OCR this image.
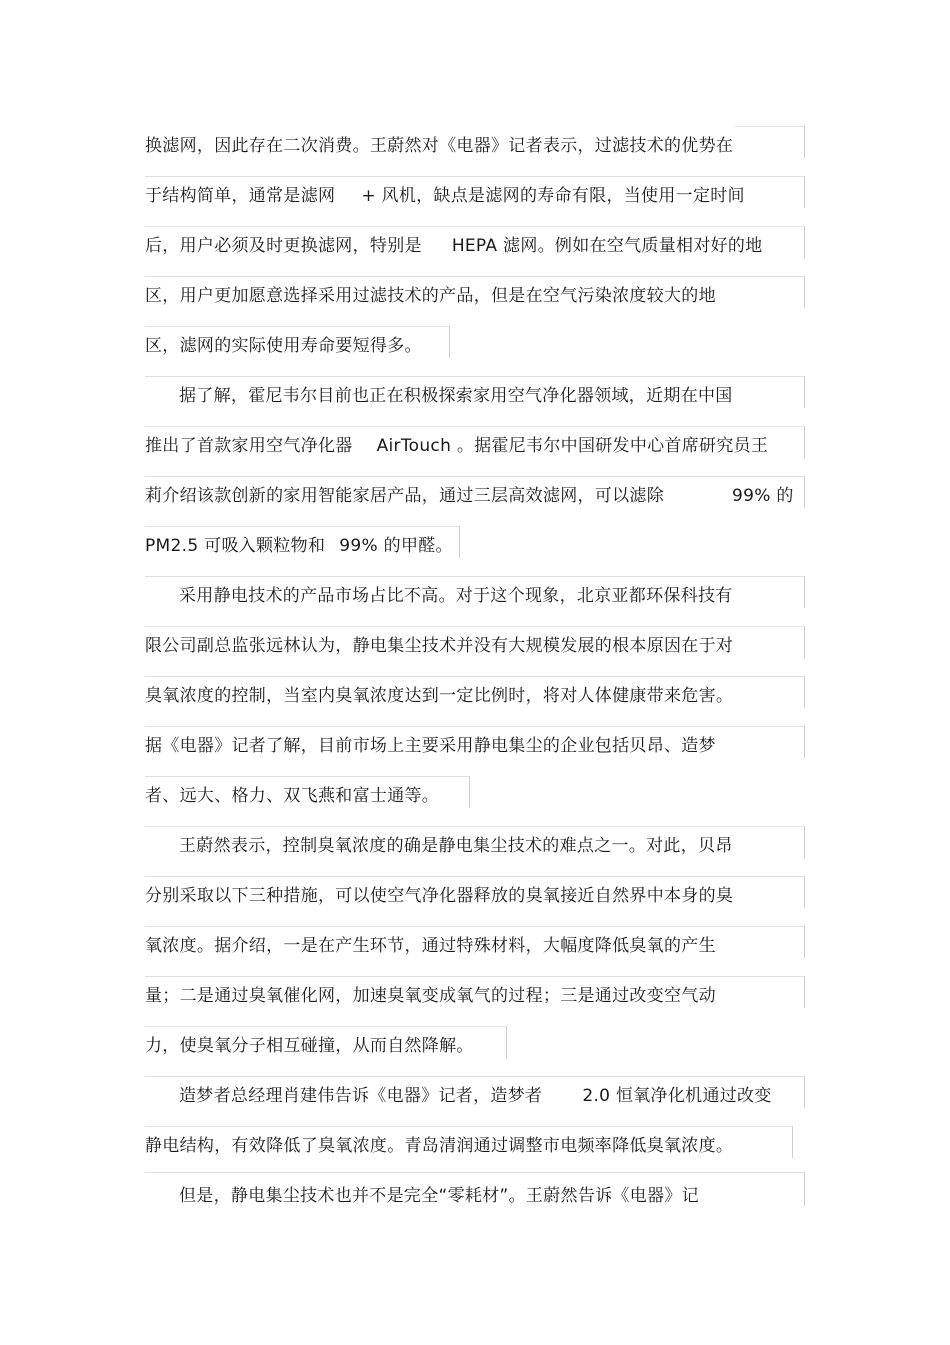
换滤网，因此存在二次消费。王蔚然对《电器》记者表示，过滤技术的优势在
于结构简单，通常是滤网 + 风机，缺点是滤网的寿命有限，当使用一定时间
后，用户必须及时更换滤网，特别是 HEPA 滤网。例如在空气质量相对好的地
区，用户更加愿意选择采用过滤技术的产品，但是在空气污染浓度较大的地
区，滤网的实际使用寿命要短得多。
据了解，霍尼韦尔目前也正在积极探索家用空气净化器领域，近期在中国
推出了首款家用空气净化器 AirTouch 。据霍尼韦尔中国研发中心首席研究员王
莉介绍该款创新的家用智能家居产品，通过三层高效滤网，可以滤除	99% 的
PM2.5 可吸入颗粒物和 99% 的甲醛。
采用静电技术的产品市场占比不高。对于这个现象，北京亚都环保科技有
限公司副总监张远林认为，静电集尘技术并没有大规模发展的根本原因在于对
臭氧浓度的控制，当室内臭氧浓度达到一定比例时，将对人体健康带来危害。
据《电器》记者了解，目前市场上主要采用静电集尘的企业包括贝昂、造梦
者、远大、格力、双飞燕和富士通等。
王蔚然表示，控制臭氧浓度的确是静电集尘技术的难点之一。对此，贝昂
分别采取以下三种措施，可以使空气净化器释放的臭氧接近自然界中本身的臭
氧浓度。据介绍，一是在产生环节，通过特殊材料，大幅度降低臭氧的产生
量；二是通过臭氧催化网，加速臭氧变成氧气的过程；三是通过改变空气动
力，使臭氧分子相互碰撞，从而自然降解。
造梦者总经理肖建伟告诉《电器》记者，造梦者 2.0 恒氧净化机通过改变
静电结构，有效降低了臭氧浓度。青岛清润通过调整市电频率降低臭氧浓度。
但是，静电集尘技术也并不是完全“零耗材”。王蔚然告诉《电器》记
